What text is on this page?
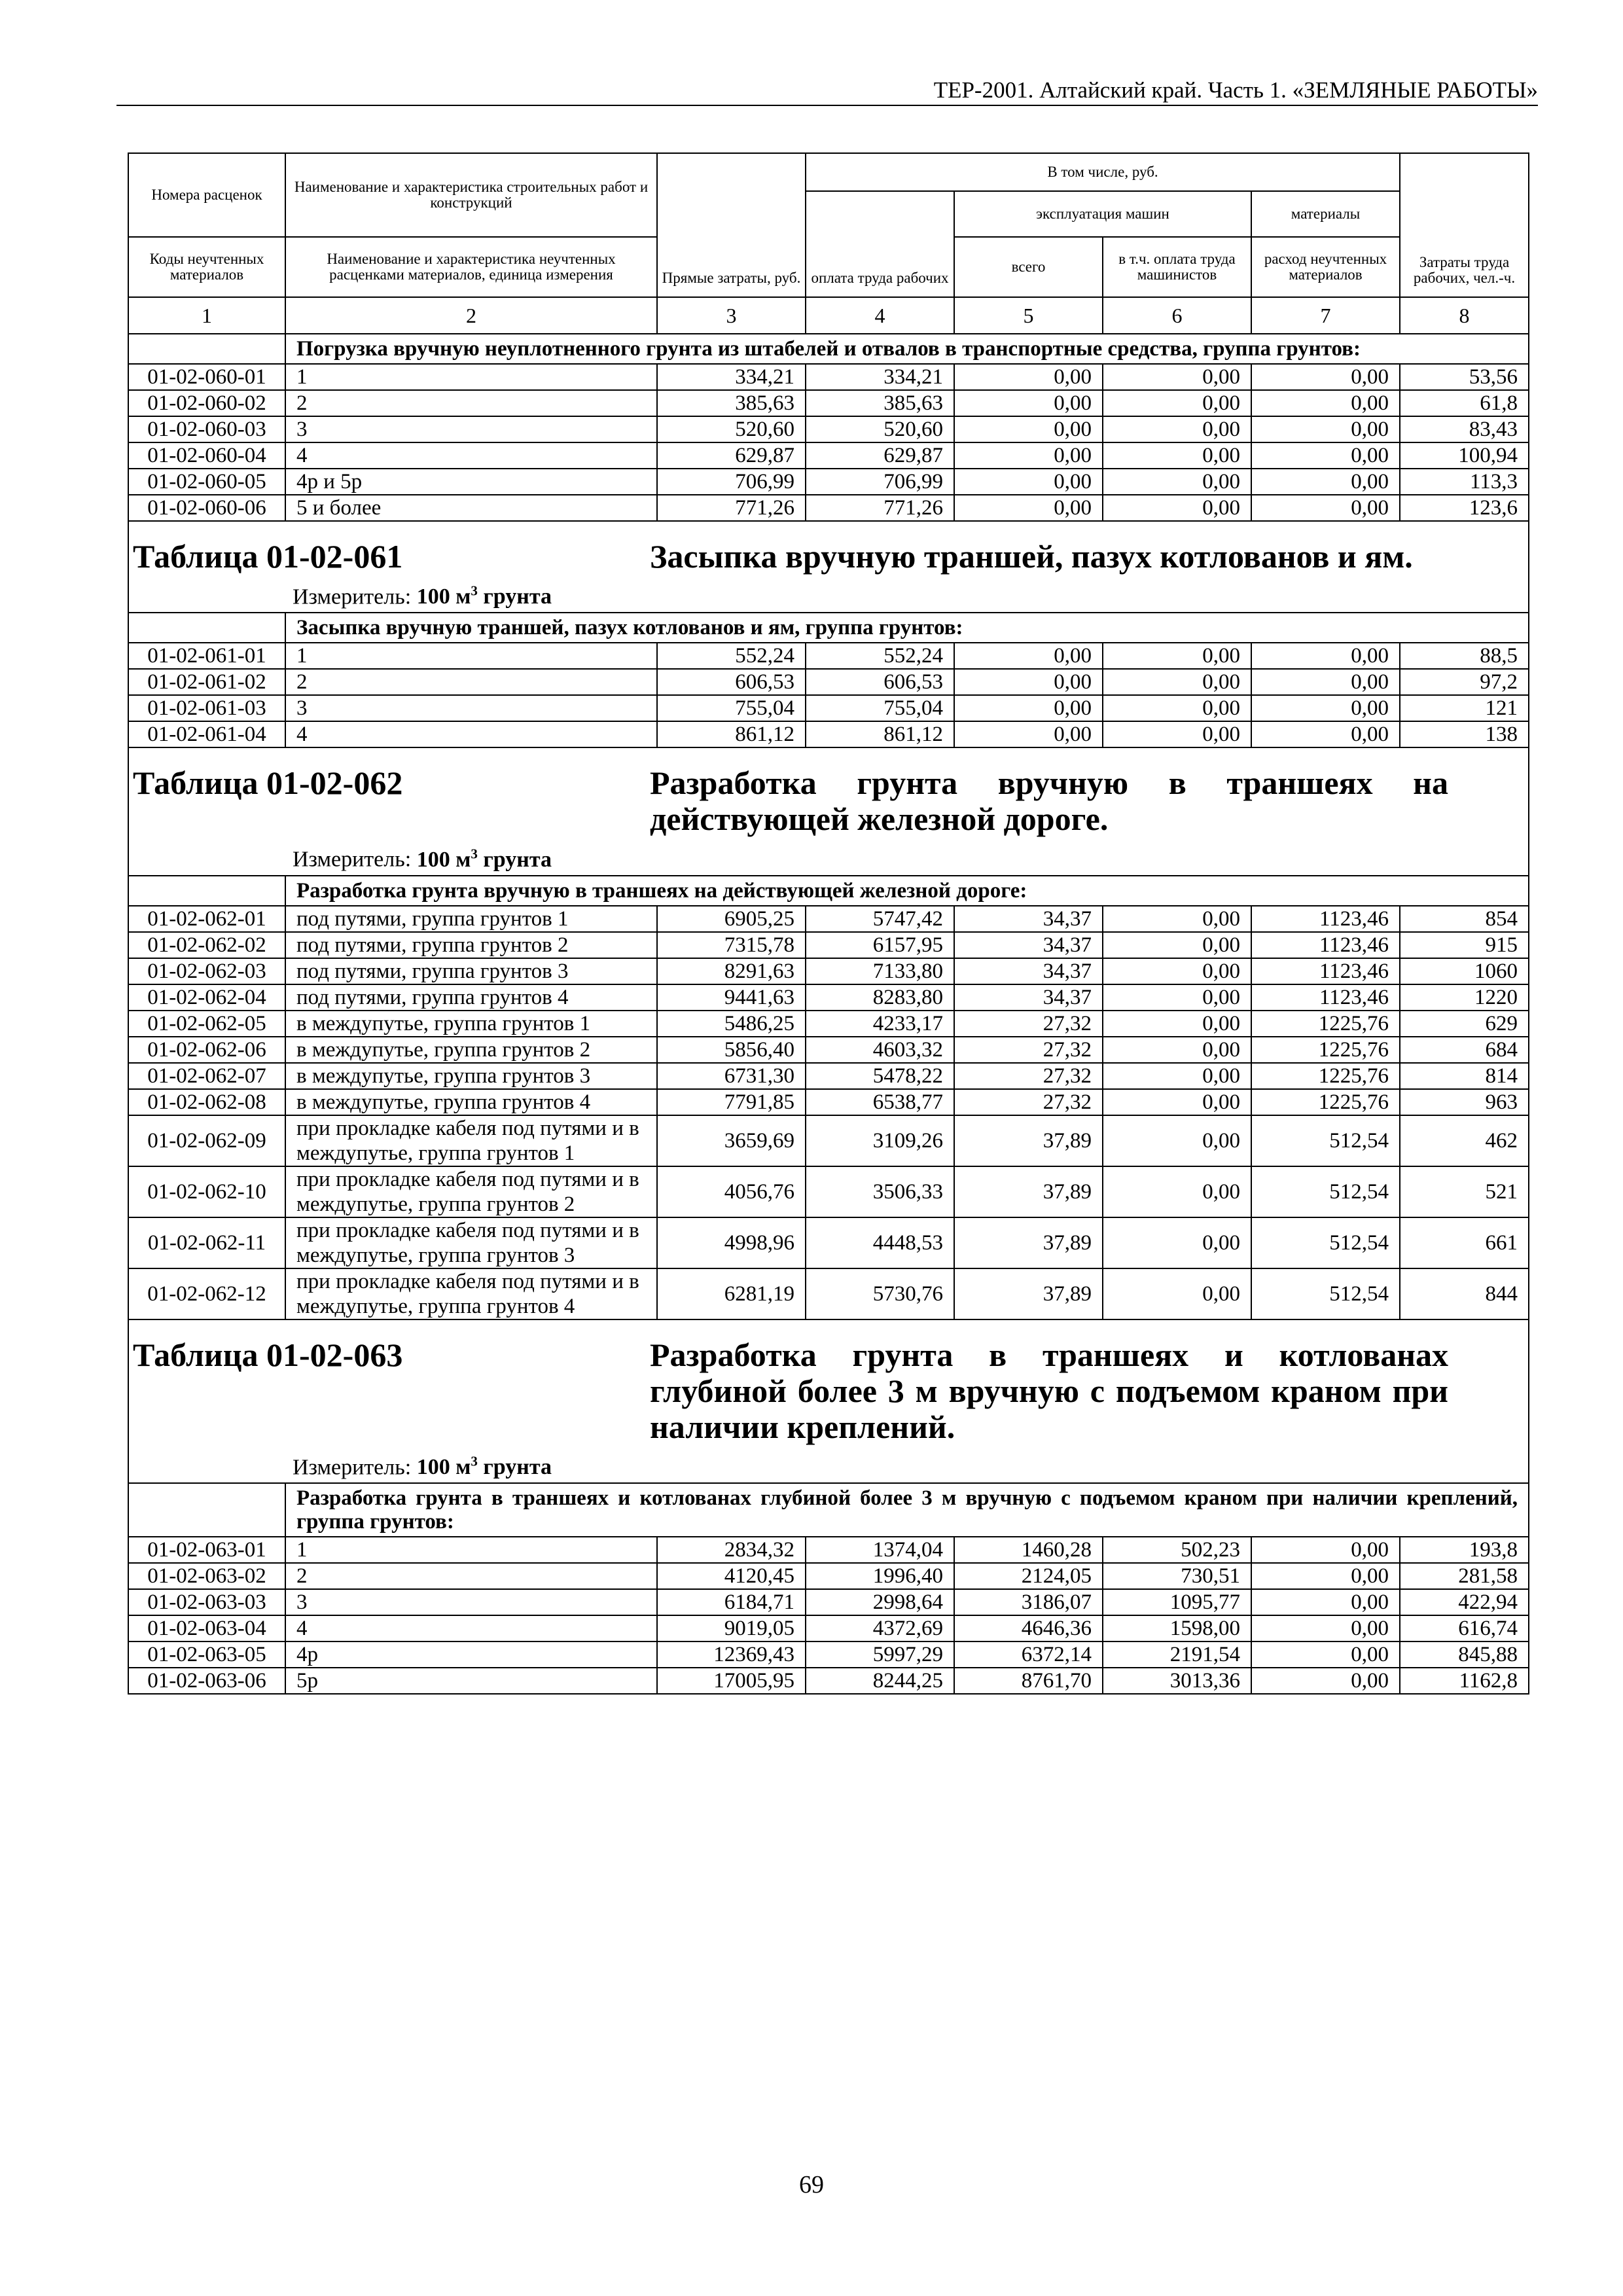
ТЕР-2001. Алтайский край. Часть 1. «ЗЕМЛЯНЫЕ РАБОТЫ»
Номера расценок	Наименование и характеристика строительных работ и конструкций	Прямые затраты, руб.	В том числе, руб.				Затраты труда рабочих, чел.-ч.
			оплата труда рабочих	эксплуатация машин		материалы	
Коды неучтенных материалов	Наименование и характеристика неучтенных расценками материалов, единица измерения			всего	в т.ч. оплата труда машинистов	расход неучтенных материалов	
1	2	3	4	5	6	7	8
	Погрузка вручную неуплотненного грунта из штабелей и отвалов в транспортные средства, группа грунтов:						
01-02-060-01	1	334,21	334,21	0,00	0,00	0,00	53,56
01-02-060-02	2	385,63	385,63	0,00	0,00	0,00	61,8
01-02-060-03	3	520,60	520,60	0,00	0,00	0,00	83,43
01-02-060-04	4	629,87	629,87	0,00	0,00	0,00	100,94
01-02-060-05	4р и 5р	706,99	706,99	0,00	0,00	0,00	113,3
01-02-060-06	5 и более	771,26	771,26	0,00	0,00	0,00	123,6

Таблица 01-02-061 Засыпка вручную траншей, пазух котлованов и ям.
Измеритель: 100 $м^3$ грунта							

	Засыпка вручную траншей, пазух котлованов и ям, группа грунтов:						
01-02-061-01	1	552,24	552,24	0,00	0,00	0,00	88,5
01-02-061-02	2	606,53	606,53	0,00	0,00	0,00	97,2
01-02-061-03	3	755,04	755,04	0,00	0,00	0,00	121
01-02-061-04	4	861,12	861,12	0,00	0,00	0,00	138

Таблица 01-02-062 Разработка грунта вручную в траншеях на действующей железной дороге.
Измеритель: 100 $м^3$ грунта							

	Разработка грунта вручную в траншеях на действующей железной дороге:						
01-02-062-01	под путями, группа грунтов 1	6905,25	5747,42	34,37	0,00	1123,46	854
01-02-062-02	под путями, группа грунтов 2	7315,78	6157,95	34,37	0,00	1123,46	915
01-02-062-03	под путями, группа грунтов 3	8291,63	7133,80	34,37	0,00	1123,46	1060
01-02-062-04	под путями, группа грунтов 4	9441,63	8283,80	34,37	0,00	1123,46	1220
01-02-062-05	в междупутье, группа грунтов 1	5486,25	4233,17	27,32	0,00	1225,76	629
01-02-062-06	в междупутье, группа грунтов 2	5856,40	4603,32	27,32	0,00	1225,76	684
01-02-062-07	в междупутье, группа грунтов 3	6731,30	5478,22	27,32	0,00	1225,76	814
01-02-062-08	в междупутье, группа грунтов 4	7791,85	6538,77	27,32	0,00	1225,76	963
01-02-062-09	при прокладке кабеля под путями и в междупутье, группа грунтов 1	3659,69	3109,26	37,89	0,00	512,54	462
01-02-062-10	при прокладке кабеля под путями и в междупутье, группа грунтов 2	4056,76	3506,33	37,89	0,00	512,54	521
01-02-062-11	при прокладке кабеля под путями и в междупутье, группа грунтов 3	4998,96	4448,53	37,89	0,00	512,54	661
01-02-062-12	при прокладке кабеля под путями и в междупутье, группа грунтов 4	6281,19	5730,76	37,89	0,00	512,54	844

Таблица 01-02-063 Разработка грунта в траншеях и котлованах глубиной более 3 м вручную с подъемом краном при наличии креплений.
Измеритель: 100 $м^3$ грунта							

	Разработка грунта в траншеях и котлованах глубиной более 3 м вручную с подъемом краном при наличии креплений, группа грунтов:						
01-02-063-01	1	2834,32	1374,04	1460,28	502,23	0,00	193,8
01-02-063-02	2	4120,45	1996,40	2124,05	730,51	0,00	281,58
01-02-063-03	3	6184,71	2998,64	3186,07	1095,77	0,00	422,94
01-02-063-04	4	9019,05	4372,69	4646,36	1598,00	0,00	616,74
01-02-063-05	4р	12369,43	5997,29	6372,14	2191,54	0,00	845,88
01-02-063-06	5р	17005,95	8244,25	8761,70	3013,36	0,00	1162,8
69
